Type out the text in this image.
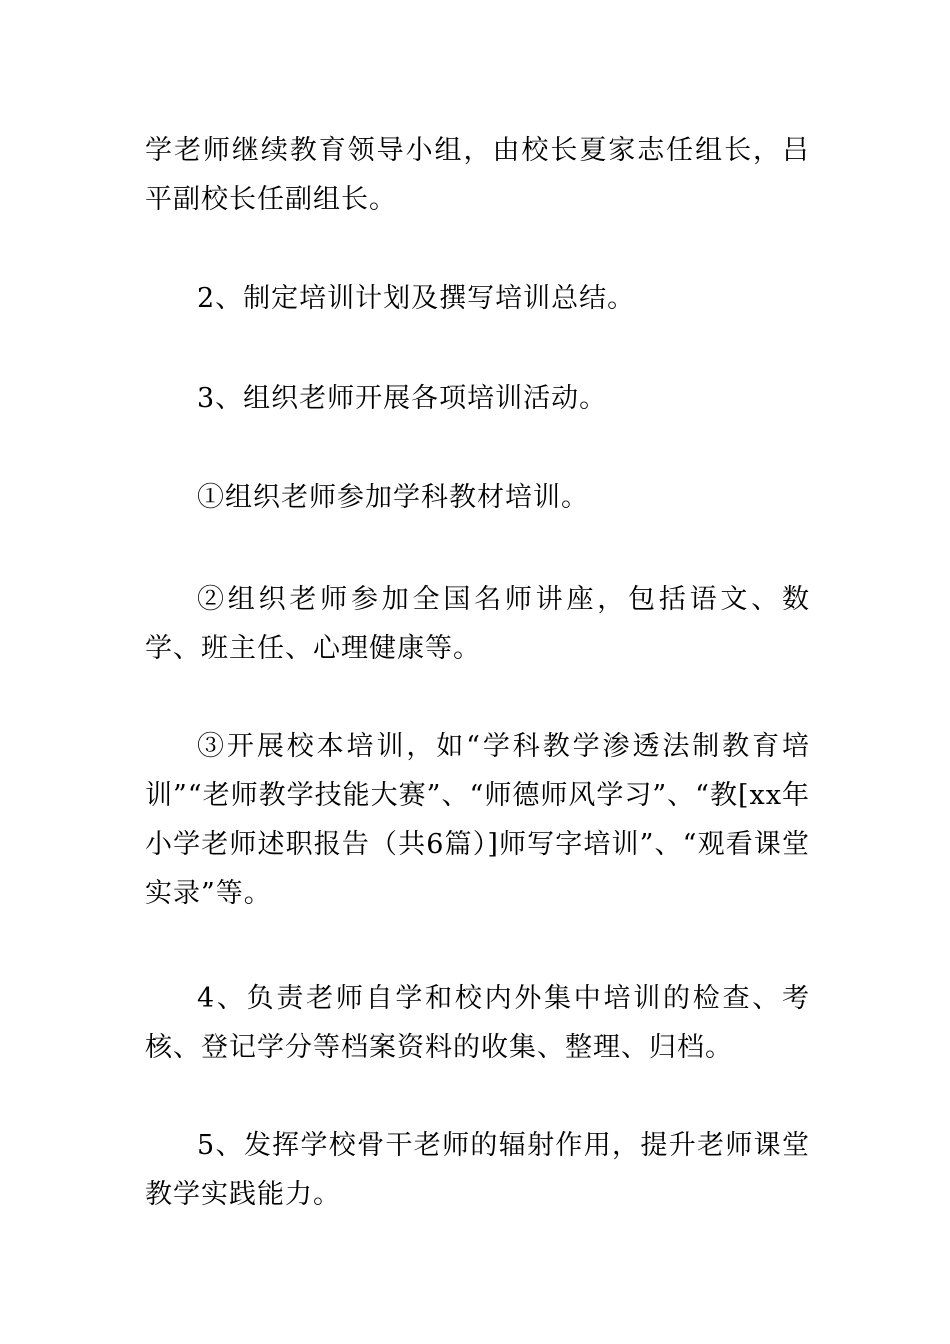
学老师继续教育领导小组，由校长夏家志任组长，吕平副校长任副组长。

2、制定培训计划及撰写培训总结。

3、组织老师开展各项培训活动。

①组织老师参加学科教材培训。

②组织老师参加全国名师讲座，包括语文、数学、班主任、心理健康等。

③开展校本培训，如“学科教学渗透法制教育培训”“老师教学技能大赛”、“师德师风学习”、“教[xx年小学老师述职报告（共6篇）]师写字培训”、“观看课堂实录”等。

4、负责老师自学和校内外集中培训的检查、考核、登记学分等档案资料的收集、整理、归档。

5、发挥学校骨干老师的辐射作用，提升老师课堂教学实践能力。
